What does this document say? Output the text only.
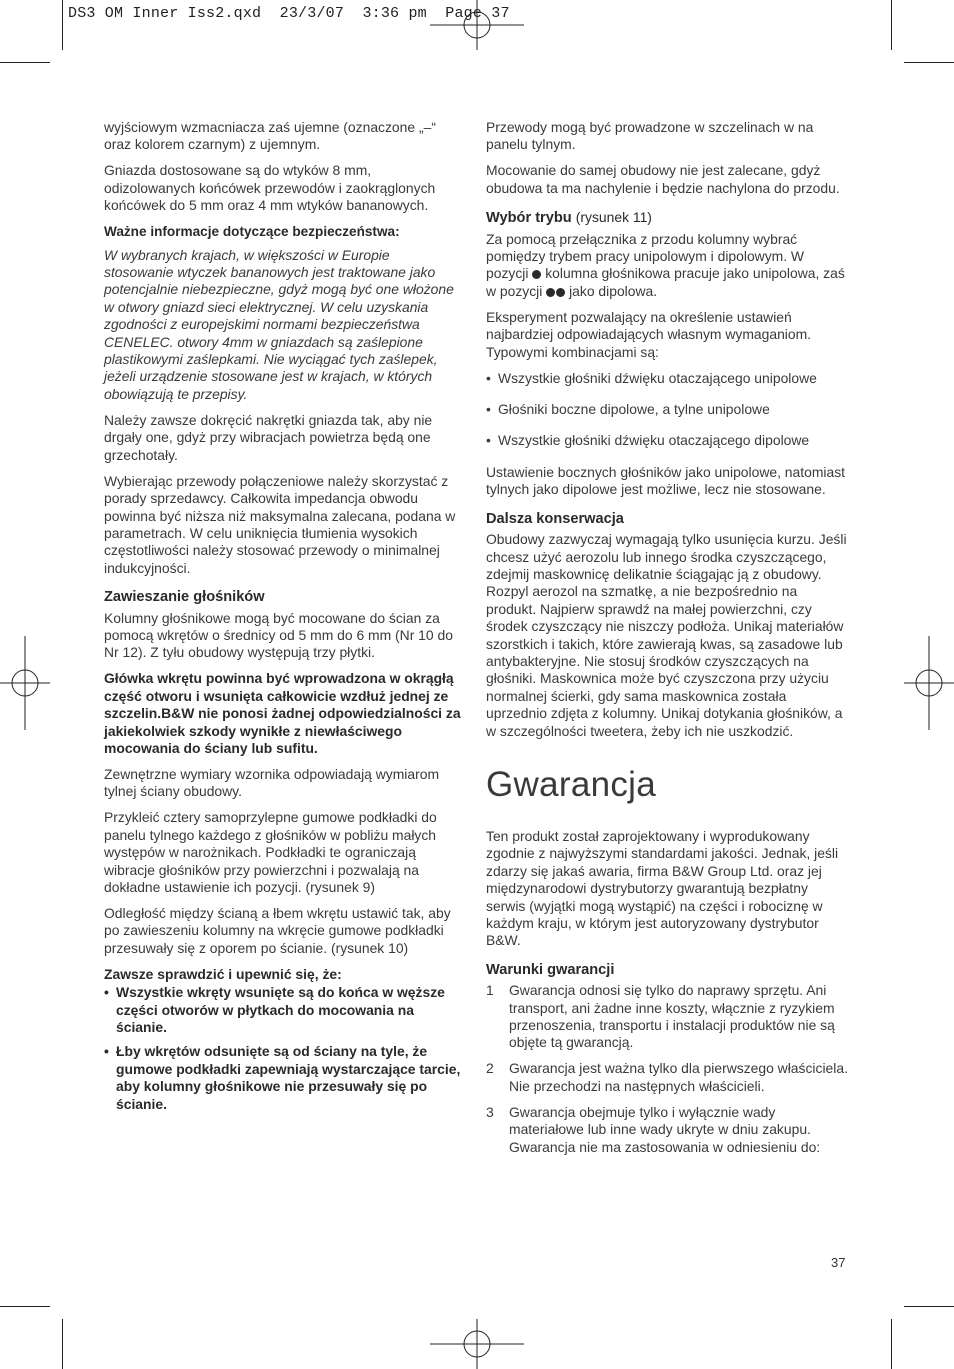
DS3 OM Inner Iss2.qxd  23/3/07  3:36 pm  Page 37

wyjściowym wzmacniacza zaś ujemne (oznaczone „–“ oraz kolorem czarnym) z ujemnym.

Gniazda dostosowane są do wtyków 8 mm, odizolowanych końcówek przewodów i zaokrąglonych końcówek do 5 mm oraz 4 mm wtyków bananowych.

Ważne informacje dotyczące bezpieczeństwa:

W wybranych krajach, w większości w Europie stosowanie wtyczek bananowych jest traktowane jako potencjalnie niebezpieczne, gdyż mogą być one włożone w otwory gniazd sieci elektrycznej. W celu uzyskania zgodności z europejskimi normami bezpieczeństwa CENELEC. otwory 4mm w gniazdach są zaślepione plastikowymi zaślepkami. Nie wyciągać tych zaślepek, jeżeli urządzenie stosowane jest w krajach, w których obowiązują te przepisy.

Należy zawsze dokręcić nakrętki gniazda tak, aby nie drgały one, gdyż przy wibracjach powietrza będą one grzechotały.

Wybierając przewody połączeniowe należy skorzystać z porady sprzedawcy. Całkowita impedancja obwodu powinna być niższa niż maksymalna zalecana, podana w parametrach. W celu uniknięcia tłumienia wysokich częstotliwości należy stosować przewody o minimalnej indukcyjności.

Zawieszanie głośników

Kolumny głośnikowe mogą być mocowane do ścian za pomocą wkrętów o średnicy od 5 mm do 6 mm (Nr 10 do Nr 12). Z tyłu obudowy występują trzy płytki.

Główka wkrętu powinna być wprowadzona w okrągłą część otworu i wsunięta całkowicie wzdłuż jednej ze szczelin.B&W nie ponosi żadnej odpowiedzialności za jakiekolwiek szkody wynikłe z niewłaściwego mocowania do ściany lub sufitu.

Zewnętrzne wymiary wzornika odpowiadają wymiarom tylnej ściany obudowy.

Przykleić cztery samoprzylepne gumowe podkładki do panelu tylnego każdego z głośników w pobliżu małych występów w narożnikach. Podkładki te ograniczają wibracje głośników przy powierzchni i pozwalają na dokładne ustawienie ich pozycji. (rysunek 9)

Odległość między ścianą a łbem wkrętu ustawić tak, aby po zawieszeniu kolumny na wkręcie gumowe podkładki przesuwały się z oporem po ścianie. (rysunek 10)

Zawsze sprawdzić i upewnić się, że:
• Wszystkie wkręty wsunięte są do końca w węższe części otworów w płytkach do mocowania na ścianie.
• Łby wkrętów odsunięte są od ściany na tyle, że gumowe podkładki zapewniają wystarczające tarcie, aby kolumny głośnikowe nie przesuwały się po ścianie.

Przewody mogą być prowadzone w szczelinach w na panelu tylnym.

Mocowanie do samej obudowy nie jest zalecane, gdyż obudowa ta ma nachylenie i będzie nachylona do przodu.

Wybór trybu (rysunek 11)

Za pomocą przełącznika z przodu kolumny wybrać pomiędzy trybem pracy unipolowym i dipolowym. W pozycji kolumna głośnikowa pracuje jako unipolowa, zaś w pozycji jako dipolowa.

Eksperyment pozwalający na określenie ustawień najbardziej odpowiadających własnym wymaganiom. Typowymi kombinacjami są:

• Wszystkie głośniki dźwięku otaczającego unipolowe
• Głośniki boczne dipolowe, a tylne unipolowe
• Wszystkie głośniki dźwięku otaczającego dipolowe

Ustawienie bocznych głośników jako unipolowe, natomiast tylnych jako dipolowe jest możliwe, lecz nie stosowane.

Dalsza konserwacja

Obudowy zazwyczaj wymagają tylko usunięcia kurzu. Jeśli chcesz użyć aerozolu lub innego środka czyszczącego, zdejmij maskownicę delikatnie ściągając ją z obudowy. Rozpyl aerozol na szmatkę, a nie bezpośrednio na produkt. Najpierw sprawdź na małej powierzchni, czy środek czyszczący nie niszczy podłoża. Unikaj materiałów szorstkich i takich, które zawierają kwas, są zasadowe lub antybakteryjne. Nie stosuj środków czyszczących na głośniki. Maskownica może być czyszczona przy użyciu normalnej ścierki, gdy sama maskownica została uprzednio zdjęta z kolumny. Unikaj dotykania głośników, a w szczególności tweetera, żeby ich nie uszkodzić.

Gwarancja

Ten produkt został zaprojektowany i wyprodukowany zgodnie z najwyższymi standardami jakości. Jednak, jeśli zdarzy się jakaś awaria, firma B&W Group Ltd. oraz jej międzynarodowi dystrybutorzy gwarantują bezpłatny serwis (wyjątki mogą wystąpić) na części i robociznę w każdym kraju, w którym jest autoryzowany dystrybutor B&W.

Warunki gwarancji
1 Gwarancja odnosi się tylko do naprawy sprzętu. Ani transport, ani żadne inne koszty, włącznie z ryzykiem przenoszenia, transportu i instalacji produktów nie są objęte tą gwarancją.
2 Gwarancja jest ważna tylko dla pierwszego właściciela. Nie przechodzi na następnych właścicieli.
3 Gwarancja obejmuje tylko i wyłącznie wady materiałowe lub inne wady ukryte w dniu zakupu. Gwarancja nie ma zastosowania w odniesieniu do:
37
